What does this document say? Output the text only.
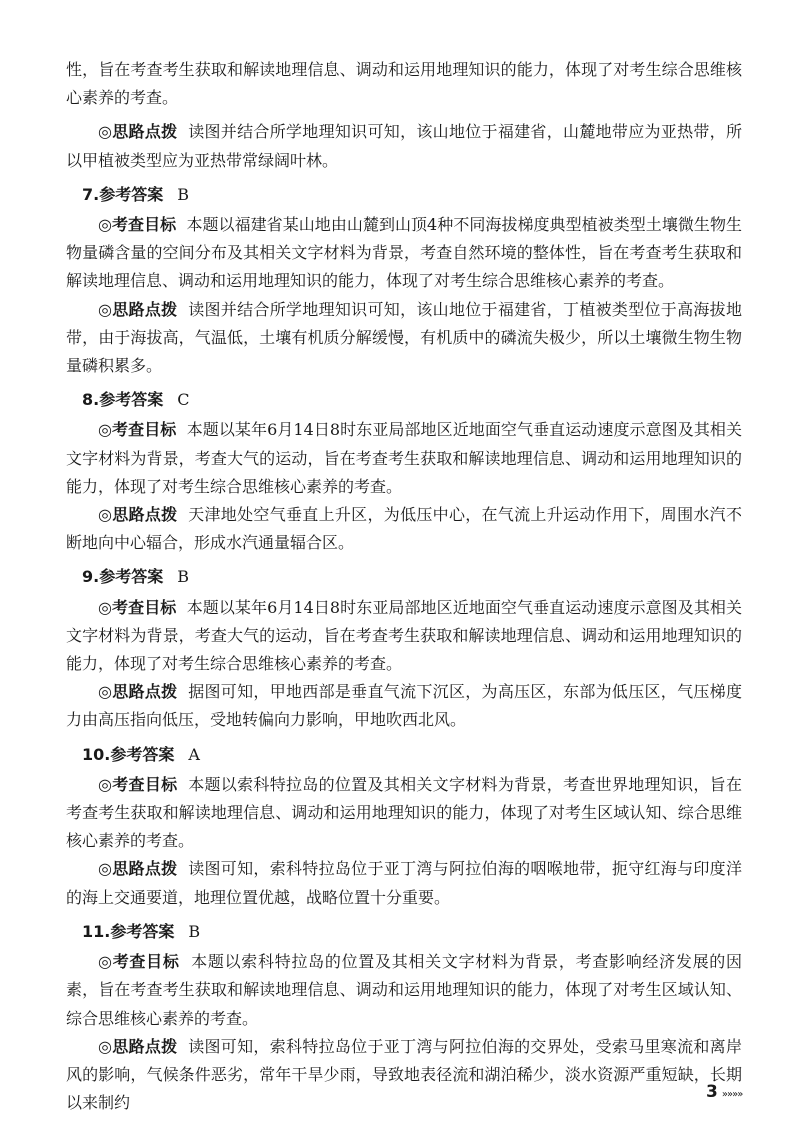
性，旨在考查考生获取和解读地理信息、调动和运用地理知识的能力，体现了对考生综合思维核心素养的考查。

◎思路点拨 读图并结合所学地理知识可知，该山地位于福建省，山麓地带应为亚热带，所以甲植被类型应为亚热带常绿阔叶林。

7.参考答案 B

◎考查目标 本题以福建省某山地由山麓到山顶4种不同海拔梯度典型植被类型土壤微生物生物量磷含量的空间分布及其相关文字材料为背景，考查自然环境的整体性，旨在考查考生获取和解读地理信息、调动和运用地理知识的能力，体现了对考生综合思维核心素养的考查。

◎思路点拨 读图并结合所学地理知识可知，该山地位于福建省，丁植被类型位于高海拔地带，由于海拔高，气温低，土壤有机质分解缓慢，有机质中的磷流失极少，所以土壤微生物生物量磷积累多。

8.参考答案 C

◎考查目标 本题以某年6月14日8时东亚局部地区近地面空气垂直运动速度示意图及其相关文字材料为背景，考查大气的运动，旨在考查考生获取和解读地理信息、调动和运用地理知识的能力，体现了对考生综合思维核心素养的考查。

◎思路点拨 天津地处空气垂直上升区，为低压中心，在气流上升运动作用下，周围水汽不断地向中心辐合，形成水汽通量辐合区。

9.参考答案 B

◎考查目标 本题以某年6月14日8时东亚局部地区近地面空气垂直运动速度示意图及其相关文字材料为背景，考查大气的运动，旨在考查考生获取和解读地理信息、调动和运用地理知识的能力，体现了对考生综合思维核心素养的考查。

◎思路点拨 据图可知，甲地西部是垂直气流下沉区，为高压区，东部为低压区，气压梯度力由高压指向低压，受地转偏向力影响，甲地吹西北风。

10.参考答案 A

◎考查目标 本题以索科特拉岛的位置及其相关文字材料为背景，考查世界地理知识，旨在考查考生获取和解读地理信息、调动和运用地理知识的能力，体现了对考生区域认知、综合思维核心素养的考查。

◎思路点拨 读图可知，索科特拉岛位于亚丁湾与阿拉伯海的咽喉地带，扼守红海与印度洋的海上交通要道，地理位置优越，战略位置十分重要。

11.参考答案 B

◎考查目标 本题以索科特拉岛的位置及其相关文字材料为背景，考查影响经济发展的因素，旨在考查考生获取和解读地理信息、调动和运用地理知识的能力，体现了对考生区域认知、综合思维核心素养的考查。

◎思路点拨 读图可知，索科特拉岛位于亚丁湾与阿拉伯海的交界处，受索马里寒流和离岸风的影响，气候条件恶劣，常年干旱少雨，导致地表径流和湖泊稀少，淡水资源严重短缺，长期以来制约

3 »»»»
